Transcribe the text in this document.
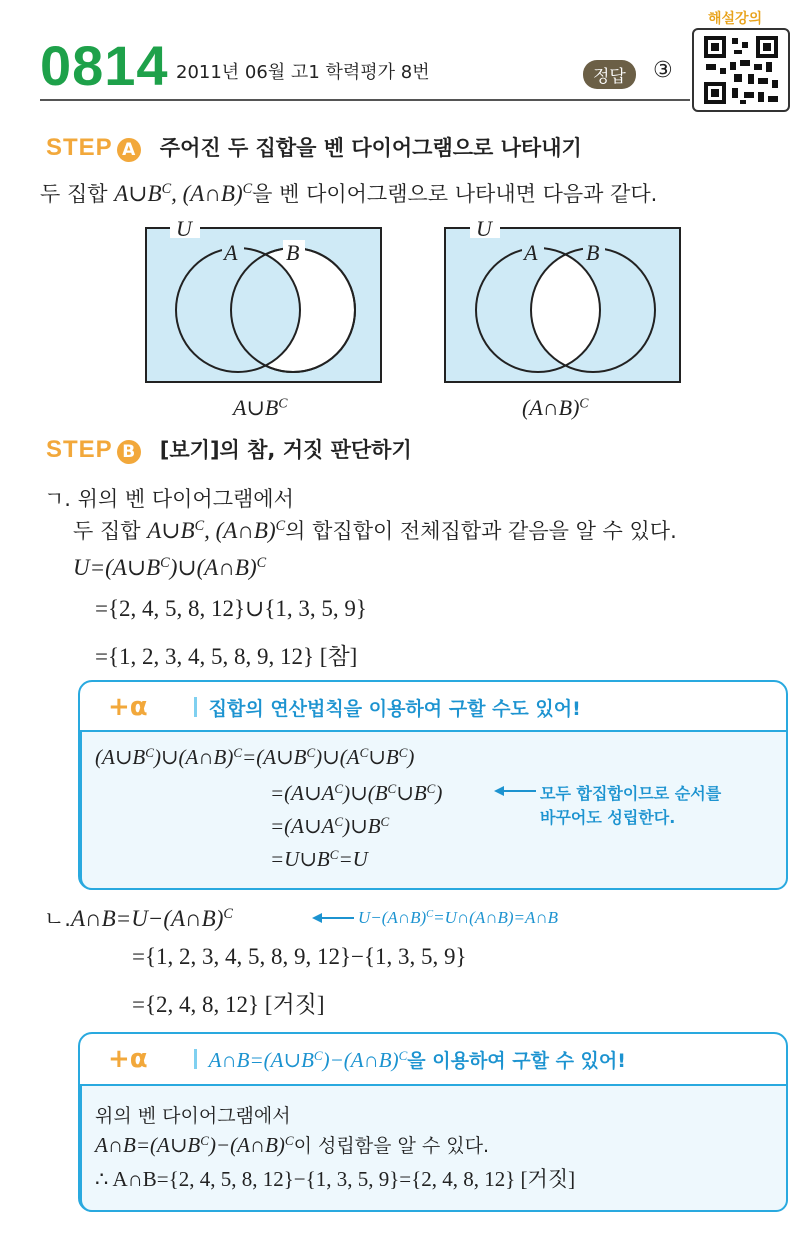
0814 2011년 06월 고1 학력평가 8번	정답	③
해설강의
STEP A 주어진 두 집합을 벤 다이어그램으로 나타내기
두 집합 $A\cup B^C$, (A∩B)$^C$을 벤 다이어그램으로 나타내면 다음과 같다.
U
A B
U
A B
$A\cup B^C$	(A∩B)$^C$
STEP B [보기]의 참, 거짓 판단하기
ㄱ. 위의 벤 다이어그램에서
두 집합 $A\cup B^C$, (A∩B)$^C$의 합집합이 전체집합과 같음을 알 수 있다.
$U=(A\cup B^C)\cup(A\cap B)^C$
={2, 4, 5, 8, 12}∪{1, 3, 5, 9}
={1, 2, 3, 4, 5, 8, 9, 12} [참]
+α	집합의 연산법칙을 이용하여 구할 수도 있어!
$(A\cup B^C)\cup(A\cap B)^C=(A\cup B^C)\cup(A^C\cup B^C)$
$=(A\cup A^C)\cup(B^C\cup B^C)$
$=(A\cup A^C)\cup B^C$
$=U\cup B^C=U$
모두 합집합이므로 순서를
바꾸어도 성립한다.
ㄴ.A∩B=U−(A∩B)$^C$	U−(A∩B)$^C$=U∩(A∩B)=A∩B
={1, 2, 3, 4, 5, 8, 9, 12}−{1, 3, 5, 9}
={2, 4, 8, 12} [거짓]
+α	$A\cap B=(A\cup B^C)-(A\cap B)^C$을 이용하여 구할 수 있어!
위의 벤 다이어그램에서
$A\cap B=(A\cup B^C)-(A\cap B)^C$이 성립함을 알 수 있다.
∴ A∩B={2, 4, 5, 8, 12}−{1, 3, 5, 9}={2, 4, 8, 12} [거짓]
